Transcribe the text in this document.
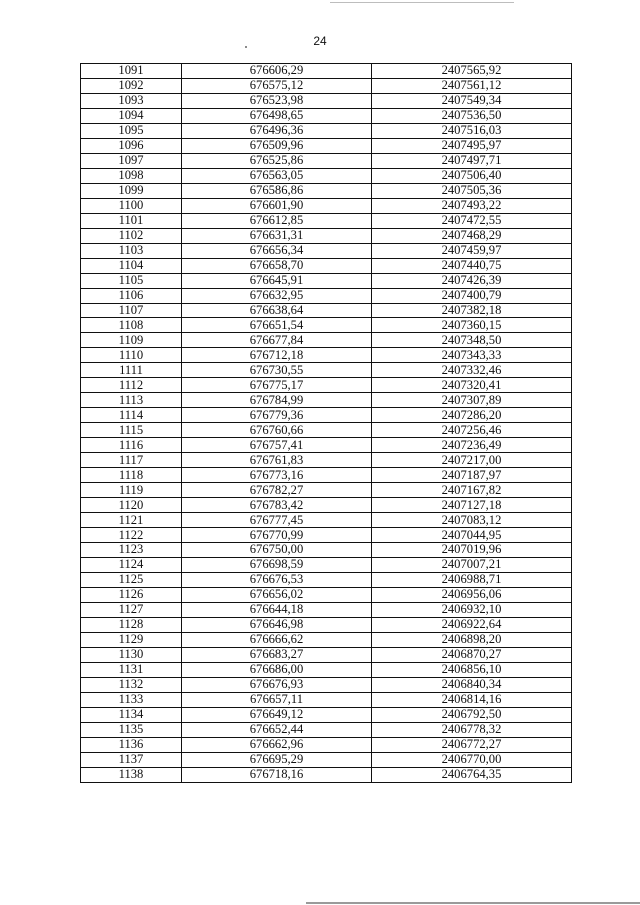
24
1091	676606,29	2407565,92
1092	676575,12	2407561,12
1093	676523,98	2407549,34
1094	676498,65	2407536,50
1095	676496,36	2407516,03
1096	676509,96	2407495,97
1097	676525,86	2407497,71
1098	676563,05	2407506,40
1099	676586,86	2407505,36
1100	676601,90	2407493,22
1101	676612,85	2407472,55
1102	676631,31	2407468,29
1103	676656,34	2407459,97
1104	676658,70	2407440,75
1105	676645,91	2407426,39
1106	676632,95	2407400,79
1107	676638,64	2407382,18
1108	676651,54	2407360,15
1109	676677,84	2407348,50
1110	676712,18	2407343,33
1111	676730,55	2407332,46
1112	676775,17	2407320,41
1113	676784,99	2407307,89
1114	676779,36	2407286,20
1115	676760,66	2407256,46
1116	676757,41	2407236,49
1117	676761,83	2407217,00
1118	676773,16	2407187,97
1119	676782,27	2407167,82
1120	676783,42	2407127,18
1121	676777,45	2407083,12
1122	676770,99	2407044,95
1123	676750,00	2407019,96
1124	676698,59	2407007,21
1125	676676,53	2406988,71
1126	676656,02	2406956,06
1127	676644,18	2406932,10
1128	676646,98	2406922,64
1129	676666,62	2406898,20
1130	676683,27	2406870,27
1131	676686,00	2406856,10
1132	676676,93	2406840,34
1133	676657,11	2406814,16
1134	676649,12	2406792,50
1135	676652,44	2406778,32
1136	676662,96	2406772,27
1137	676695,29	2406770,00
1138	676718,16	2406764,35
